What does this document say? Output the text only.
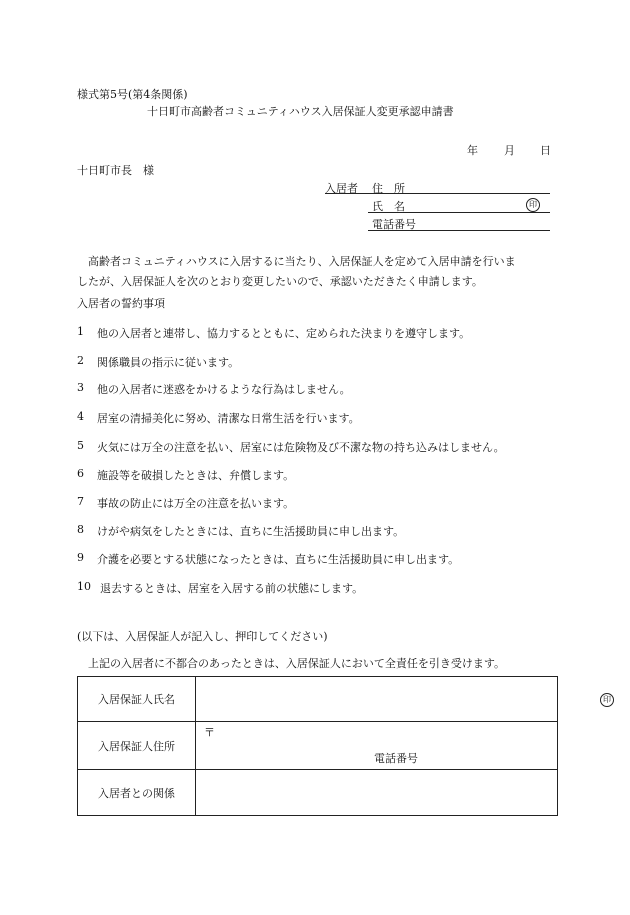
様式第5号(第4条関係)
十日町市高齢者コミュニティハウス入居保証人変更承認申請書
年 月 日
十日町市長　様
入居者 住　所
氏　名	印
電話番号
高齢者コミュニティハウスに入居するに当たり、入居保証人を定めて入居申請を行いま
したが、入居保証人を次のとおり変更したいので、承認いただきたく申請します。
入居者の誓約事項
1 他の入居者と連帯し、協力するとともに、定められた決まりを遵守します。
2 関係職員の指示に従います。
3 他の入居者に迷惑をかけるような行為はしません。
4 居室の清掃美化に努め、清潔な日常生活を行います。
5 火気には万全の注意を払い、居室には危険物及び不潔な物の持ち込みはしません。
6 施設等を破損したときは、弁償します。
7 事故の防止には万全の注意を払います。
8 けがや病気をしたときには、直ちに生活援助員に申し出ます。
9 介護を必要とする状態になったときは、直ちに生活援助員に申し出ます。
10 退去するときは、居室を入居する前の状態にします。
(以下は、入居保証人が記入し、押印してください)
上記の入居者に不都合のあったときは、入居保証人において全責任を引き受けます。
入居保証人氏名	印

入居保証人住所	〒
電話番号

入居者との関係	
